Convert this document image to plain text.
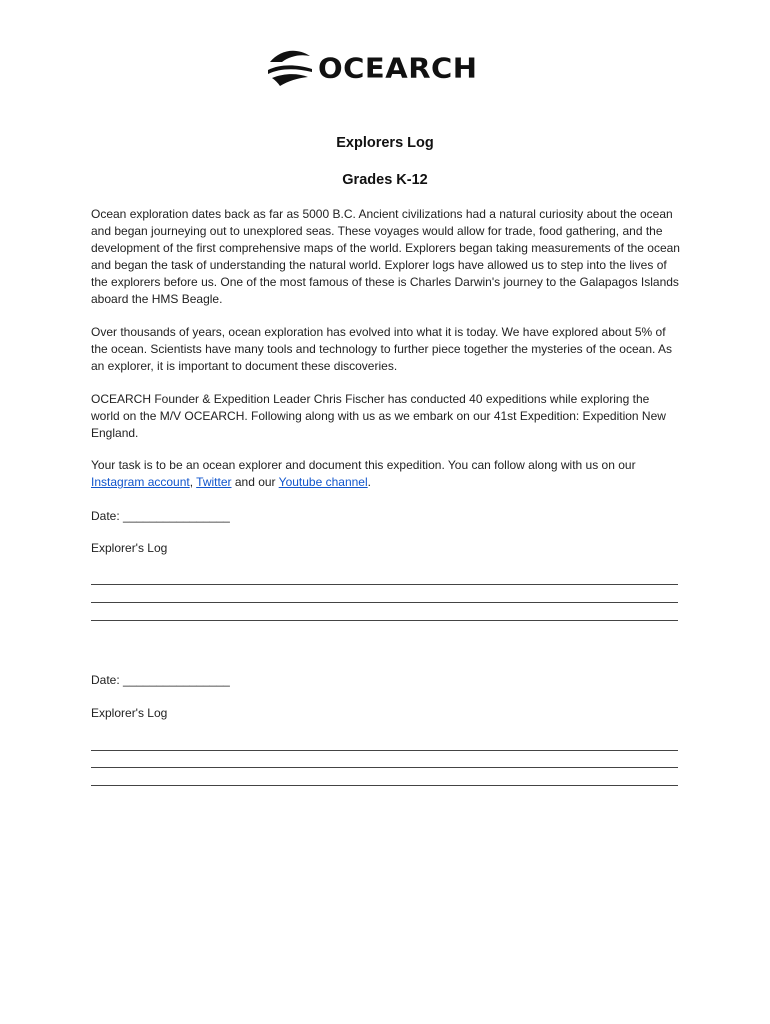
OCEARCH
Explorers Log
Grades K-12

Ocean exploration dates back as far as 5000 B.C. Ancient civilizations had a natural curiosity about the ocean and began journeying out to unexplored seas. These voyages would allow for trade, food gathering, and the development of the first comprehensive maps of the world. Explorers began taking measurements of the ocean and began the task of understanding the natural world. Explorer logs have allowed us to step into the lives of the explorers before us. One of the most famous of these is Charles Darwin's journey to the Galapagos Islands aboard the HMS Beagle.

Over thousands of years, ocean exploration has evolved into what it is today. We have explored about 5% of the ocean. Scientists have many tools and technology to further piece together the mysteries of the ocean. As an explorer, it is important to document these discoveries.

OCEARCH Founder & Expedition Leader Chris Fischer has conducted 40 expeditions while exploring the world on the M/V OCEARCH. Following along with us as we embark on our 41st Expedition: Expedition New England.

Your task is to be an ocean explorer and document this expedition. You can follow along with us on our Instagram account, Twitter and our Youtube channel.

Date: ________________
Explorer's Log
Date: ________________
Explorer's Log
